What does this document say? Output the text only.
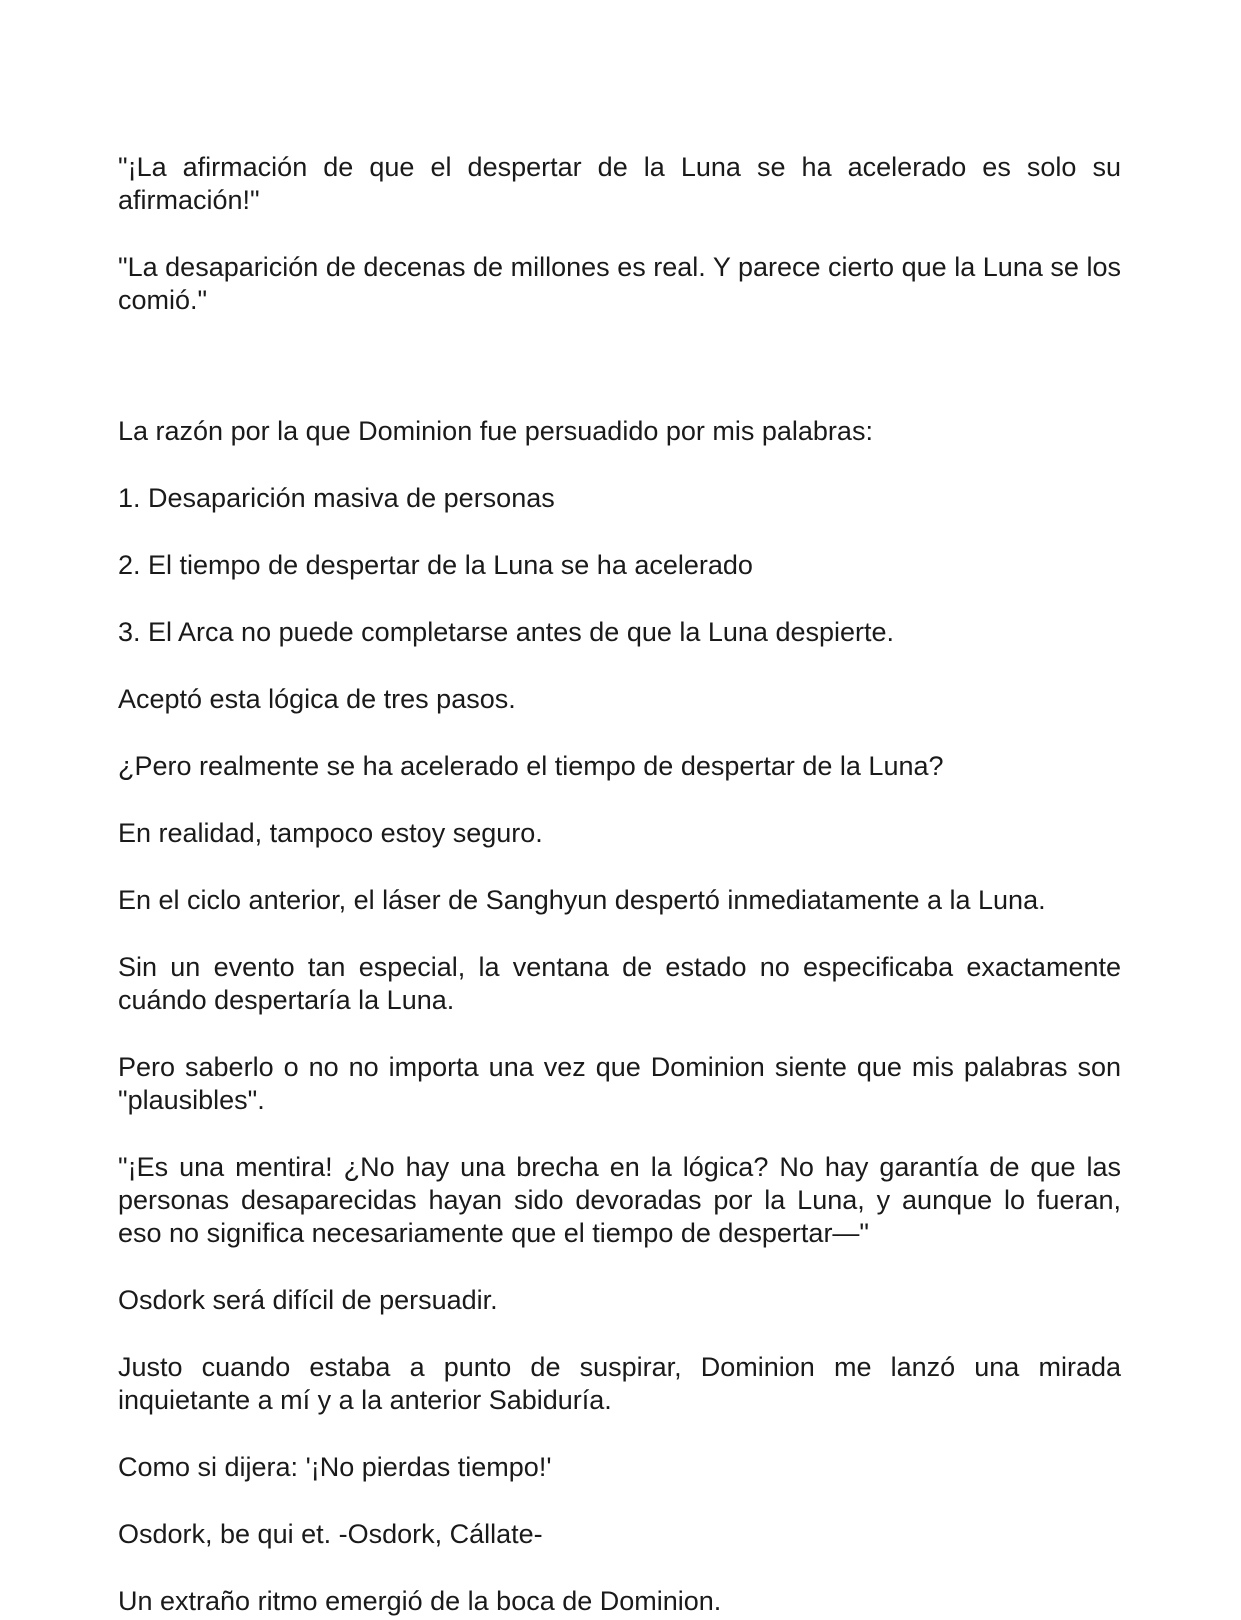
"¡La afirmación de que el despertar de la Luna se ha acelerado es solo su afirmación!"

"La desaparición de decenas de millones es real. Y parece cierto que la Luna se los comió."

La razón por la que Dominion fue persuadido por mis palabras:

1. Desaparición masiva de personas

2. El tiempo de despertar de la Luna se ha acelerado

3. El Arca no puede completarse antes de que la Luna despierte.

Aceptó esta lógica de tres pasos.

¿Pero realmente se ha acelerado el tiempo de despertar de la Luna?

En realidad, tampoco estoy seguro.

En el ciclo anterior, el láser de Sanghyun despertó inmediatamente a la Luna.

Sin un evento tan especial, la ventana de estado no especificaba exactamente cuándo despertaría la Luna.

Pero saberlo o no no importa una vez que Dominion siente que mis palabras son "plausibles".

"¡Es una mentira! ¿No hay una brecha en la lógica? No hay garantía de que las personas desaparecidas hayan sido devoradas por la Luna, y aunque lo fueran, eso no significa necesariamente que el tiempo de despertar—"

Osdork será difícil de persuadir.

Justo cuando estaba a punto de suspirar, Dominion me lanzó una mirada inquietante a mí y a la anterior Sabiduría.

Como si dijera: '¡No pierdas tiempo!'

Osdork, be qui et. -Osdork, Cállate-

Un extraño ritmo emergió de la boca de Dominion.
